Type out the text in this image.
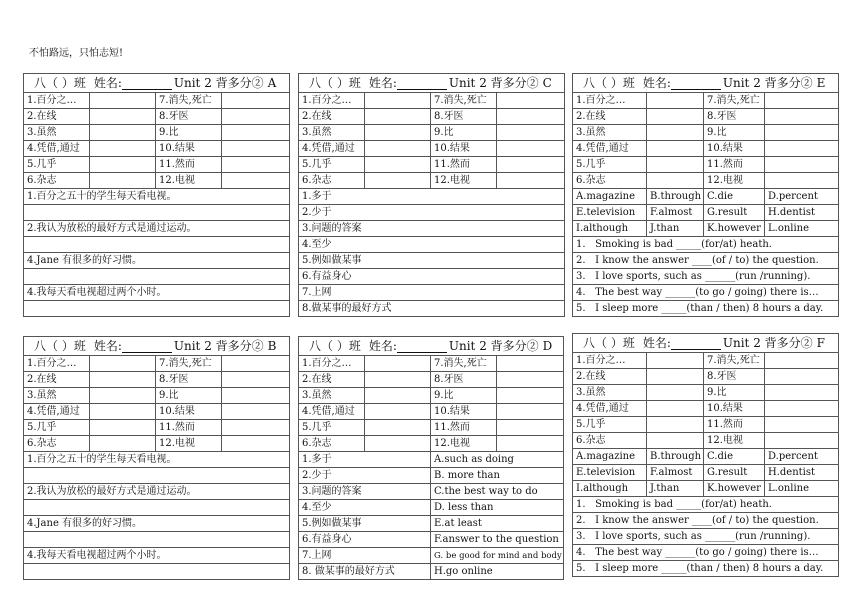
不怕路远，只怕志短!
八（ ）班 姓名: Unit 2 背多分② A			
1.百分之…		7.消失,死亡	
2.在线		8.牙医	
3.虽然		9.比	
4.凭借,通过		10.结果	
5.几乎		11.然而	
6.杂志		12.电视	
1.百分之五十的学生每天看电视。			

2.我认为放松的最好方式是通过运动。			

4.Jane 有很多的好习惯。			

4.我每天看电视超过两个小时。			

八（ ）班 姓名: Unit 2 背多分② C			
1.百分之…		7.消失,死亡	
2.在线		8.牙医	
3.虽然		9.比	
4.凭借,通过		10.结果	
5.几乎		11.然而	
6.杂志		12.电视	
1.多于			
2.少于			
3.问题的答案			
4.至少			
5.例如做某事			
6.有益身心			
7.上网			
8.做某事的最好方式			
八（ ）班 姓名: Unit 2 背多分② E			
1.百分之…		7.消失,死亡	
2.在线		8.牙医	
3.虽然		9.比	
4.凭借,通过		10.结果	
5.几乎		11.然而	
6.杂志		12.电视	
A.magazine	B.through	C.die	D.percent
E.television	F.almost	G.result	H.dentist
I.although	J.than	K.however	L.online
1.   Smoking is bad _____(for/at) heath.			
2.   I know the answer ____(of / to) the question.			
3.   I love sports, such as ______(run /running).			
4.   The best way ______(to go / going) there is…			
5.   I sleep more _____(than / then) 8 hours a day.			
八（ ）班 姓名: Unit 2 背多分② B			
1.百分之…		7.消失,死亡	
2.在线		8.牙医	
3.虽然		9.比	
4.凭借,通过		10.结果	
5.几乎		11.然而	
6.杂志		12.电视	
1.百分之五十的学生每天看电视。			

2.我认为放松的最好方式是通过运动。			

4.Jane 有很多的好习惯。			

4.我每天看电视超过两个小时。			

八（ ）班 姓名: Unit 2 背多分② D			
1.百分之…		7.消失,死亡	
2.在线		8.牙医	
3.虽然		9.比	
4.凭借,通过		10.结果	
5.几乎		11.然而	
6.杂志		12.电视	
1.多于		A.such as doing	
2.少于		B. more than	
3.问题的答案		C.the best way to do	
4.至少		D. less than	
5.例如做某事		E.at least	
6.有益身心		F.answer to the question	
7.上网		G. be good for mind and body	
8. 做某事的最好方式		H.go online	
八（ ）班 姓名: Unit 2 背多分② F			
1.百分之…		7.消失,死亡	
2.在线		8.牙医	
3.虽然		9.比	
4.凭借,通过		10.结果	
5.几乎		11.然而	
6.杂志		12.电视	
A.magazine	B.through	C.die	D.percent
E.television	F.almost	G.result	H.dentist
I.although	J.than	K.however	L.online
1.   Smoking is bad _____(for/at) heath.			
2.   I know the answer ____(of / to) the question.			
3.   I love sports, such as ______(run /running).			
4.   The best way ______(to go / going) there is…			
5.   I sleep more _____(than / then) 8 hours a day.			
